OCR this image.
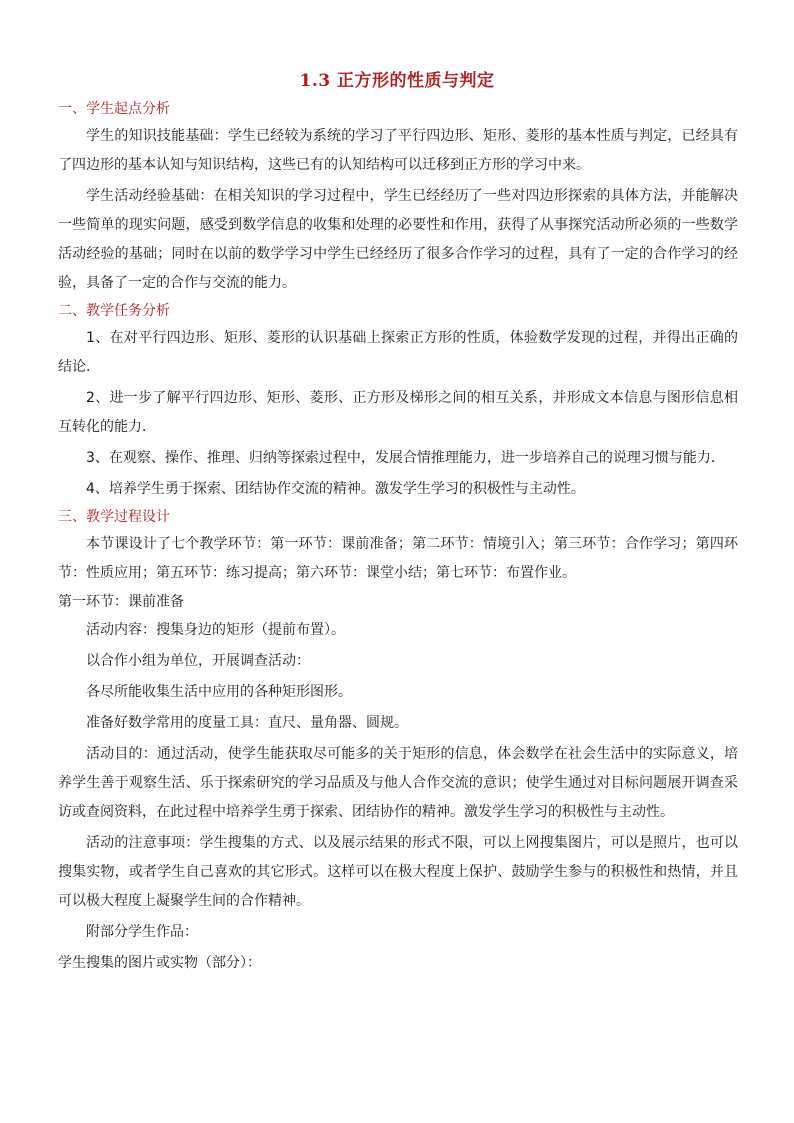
1.3 正方形的性质与判定
一、学生起点分析

学生的知识技能基础：学生已经较为系统的学习了平行四边形、矩形、菱形的基本性质与判定，已经具有了四边形的基本认知与知识结构，这些已有的认知结构可以迁移到正方形的学习中来。

学生活动经验基础：在相关知识的学习过程中，学生已经经历了一些对四边形探索的具体方法，并能解决一些简单的现实问题，感受到数学信息的收集和处理的必要性和作用，获得了从事探究活动所必须的一些数学活动经验的基础；同时在以前的数学学习中学生已经经历了很多合作学习的过程，具有了一定的合作学习的经验，具备了一定的合作与交流的能力。

二、教学任务分析

1、在对平行四边形、矩形、菱形的认识基础上探索正方形的性质，体验数学发现的过程，并得出正确的结论．

2、进一步了解平行四边形、矩形、菱形、正方形及梯形之间的相互关系，并形成文本信息与图形信息相互转化的能力．

3、在观察、操作、推理、归纳等探索过程中，发展合情推理能力，进一步培养自己的说理习惯与能力．

4、培养学生勇于探索、团结协作交流的精神。激发学生学习的积极性与主动性。

三、教学过程设计

本节课设计了七个教学环节：第一环节：课前准备；第二环节：情境引入；第三环节：合作学习；第四环节：性质应用；第五环节：练习提高；第六环节：课堂小结；第七环节：布置作业。

第一环节：课前准备
活动内容：搜集身边的矩形（提前布置）。
以合作小组为单位，开展调查活动：
各尽所能收集生活中应用的各种矩形图形。
准备好数学常用的度量工具：直尺、量角器、圆规。

活动目的：通过活动，使学生能获取尽可能多的关于矩形的信息，体会数学在社会生活中的实际意义，培养学生善于观察生活、乐于探索研究的学习品质及与他人合作交流的意识；使学生通过对目标问题展开调查采访或查阅资料，在此过程中培养学生勇于探索、团结协作的精神。激发学生学习的积极性与主动性。

活动的注意事项：学生搜集的方式、以及展示结果的形式不限，可以上网搜集图片，可以是照片，也可以搜集实物，或者学生自己喜欢的其它形式。这样可以在极大程度上保护、鼓励学生参与的积极性和热情，并且可以极大程度上凝聚学生间的合作精神。

附部分学生作品：
学生搜集的图片或实物（部分）：
